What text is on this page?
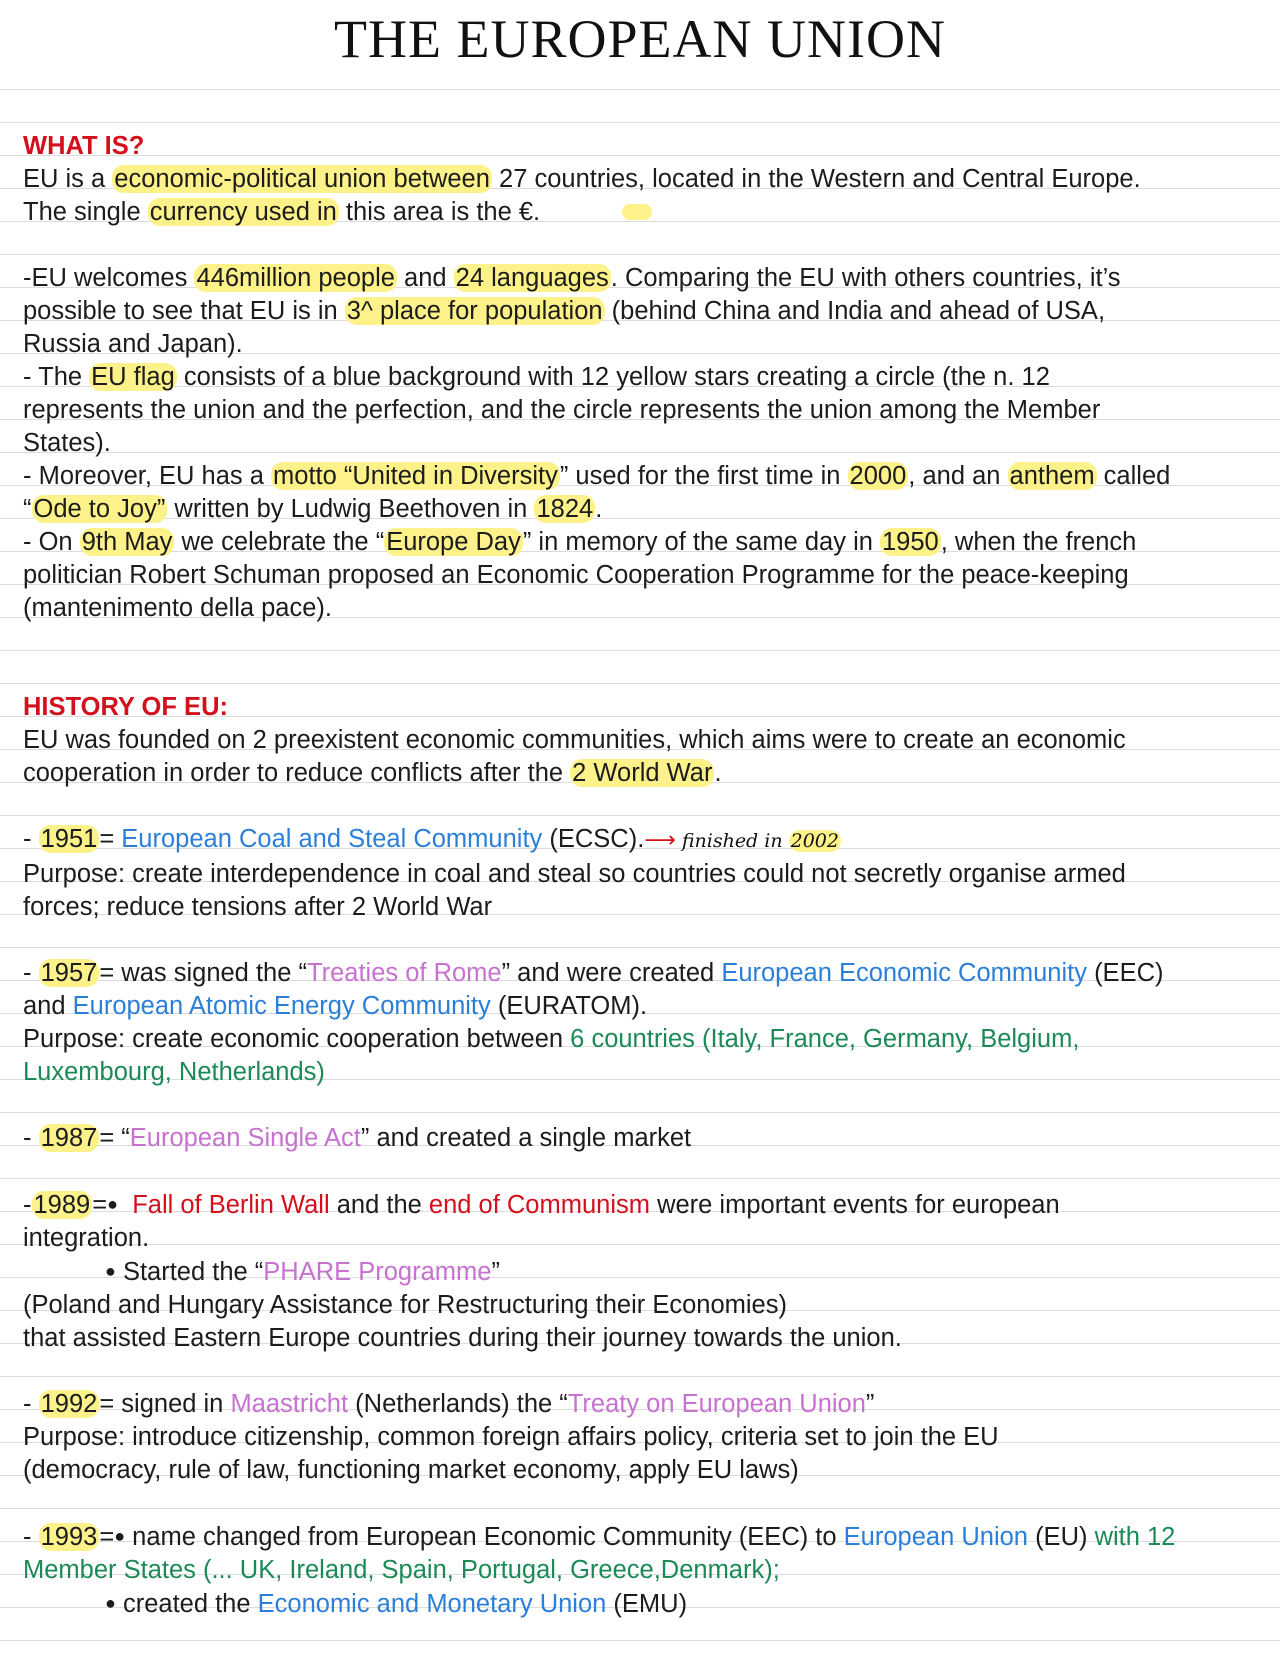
THE EUROPEAN UNION
WHAT IS?
EU is a economic-political union between 27 countries, located in the Western and Central Europe.
The single currency used in this area is the €.
-EU welcomes 446million people and 24 languages. Comparing the EU with others countries, it’s
possible to see that EU is in 3^ place for population (behind China and India and ahead of USA,
Russia and Japan).
- The EU flag consists of a blue background with 12 yellow stars creating a circle (the n. 12
represents the union and the perfection, and the circle represents the union among the Member
States).
- Moreover, EU has a motto “United in Diversity” used for the first time in 2000, and an anthem called
“Ode to Joy” written by Ludwig Beethoven in 1824.
- On 9th May we celebrate the “Europe Day” in memory of the same day in 1950, when the french
politician Robert Schuman proposed an Economic Cooperation Programme for the peace-keeping
(mantenimento della pace).
HISTORY OF EU:
EU was founded on 2 preexistent economic communities, which aims were to create an economic
cooperation in order to reduce conflicts after the 2 World War.
- 1951= European Coal and Steal Community (ECSC).⟶ finished in 2002
Purpose: create interdependence in coal and steal so countries could not secretly organise armed
forces; reduce tensions after 2 World War
- 1957= was signed the “Treaties of Rome” and were created European Economic Community (EEC)
and European Atomic Energy Community (EURATOM).
Purpose: create economic cooperation between 6 countries (Italy, France, Germany, Belgium,
Luxembourg, Netherlands)
- 1987= “European Single Act” and created a single market
-1989=● Fall of Berlin Wall and the end of Communism were important events for european
integration.
● Started the “PHARE Programme”
(Poland and Hungary Assistance for Restructuring their Economies)
that assisted Eastern Europe countries during their journey towards the union.
- 1992= signed in Maastricht (Netherlands) the “Treaty on European Union”
Purpose: introduce citizenship, common foreign affairs policy, criteria set to join the EU
(democracy, rule of law, functioning market economy, apply EU laws)
- 1993=● name changed from European Economic Community (EEC) to European Union (EU) with 12
Member States (... UK, Ireland, Spain, Portugal, Greece,Denmark);
● created the Economic and Monetary Union (EMU)
